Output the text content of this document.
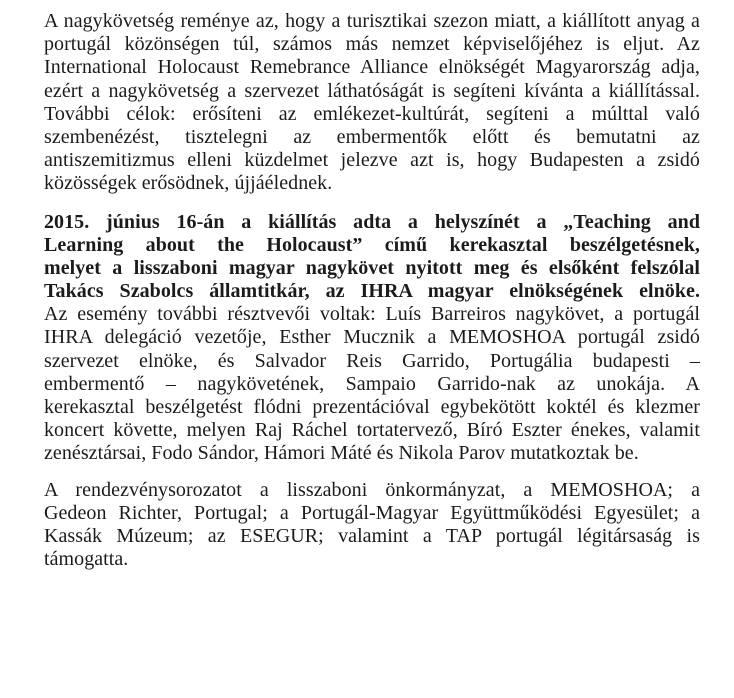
A nagykövetség reménye az, hogy a turisztikai szezon miatt, a kiállított anyag a
portugál közönségen túl, számos más nemzet képviselőjéhez is eljut. Az
International Holocaust Remebrance Alliance elnökségét Magyarország adja,
ezért a nagykövetség a szervezet láthatóságát is segíteni kívánta a kiállítással.
További célok: erősíteni az emlékezet-kultúrát, segíteni a múlttal való
szembenézést, tisztelegni az embermentők előtt és bemutatni az
antiszemitizmus elleni küzdelmet jelezve azt is, hogy Budapesten a zsidó
közösségek erősödnek, újjáélednek.
2015. június 16-án a kiállítás adta a helyszínét a „Teaching and
Learning about the Holocaust” című kerekasztal beszélgetésnek,
melyet a lisszaboni magyar nagykövet nyitott meg és elsőként felszólal
Takács Szabolcs államtitkár, az IHRA magyar elnökségének elnöke.
Az esemény további résztvevői voltak: Luís Barreiros nagykövet, a portugál
IHRA delegáció vezetője, Esther Mucznik a MEMOSHOA portugál zsidó
szervezet elnöke, és Salvador Reis Garrido, Portugália budapesti –
embermentő – nagykövetének, Sampaio Garrido-nak az unokája. A
kerekasztal beszélgetést flódni prezentációval egybekötött koktél és klezmer
koncert követte, melyen Raj Ráchel tortatervező, Bíró Eszter énekes, valamit
zenésztársai, Fodo Sándor, Hámori Máté és Nikola Parov mutatkoztak be.
A rendezvénysorozatot a lisszaboni önkormányzat, a MEMOSHOA; a
Gedeon Richter, Portugal; a Portugál-Magyar Együttműködési Egyesület; a
Kassák Múzeum; az ESEGUR; valamint a TAP portugál légitársaság is
támogatta.
